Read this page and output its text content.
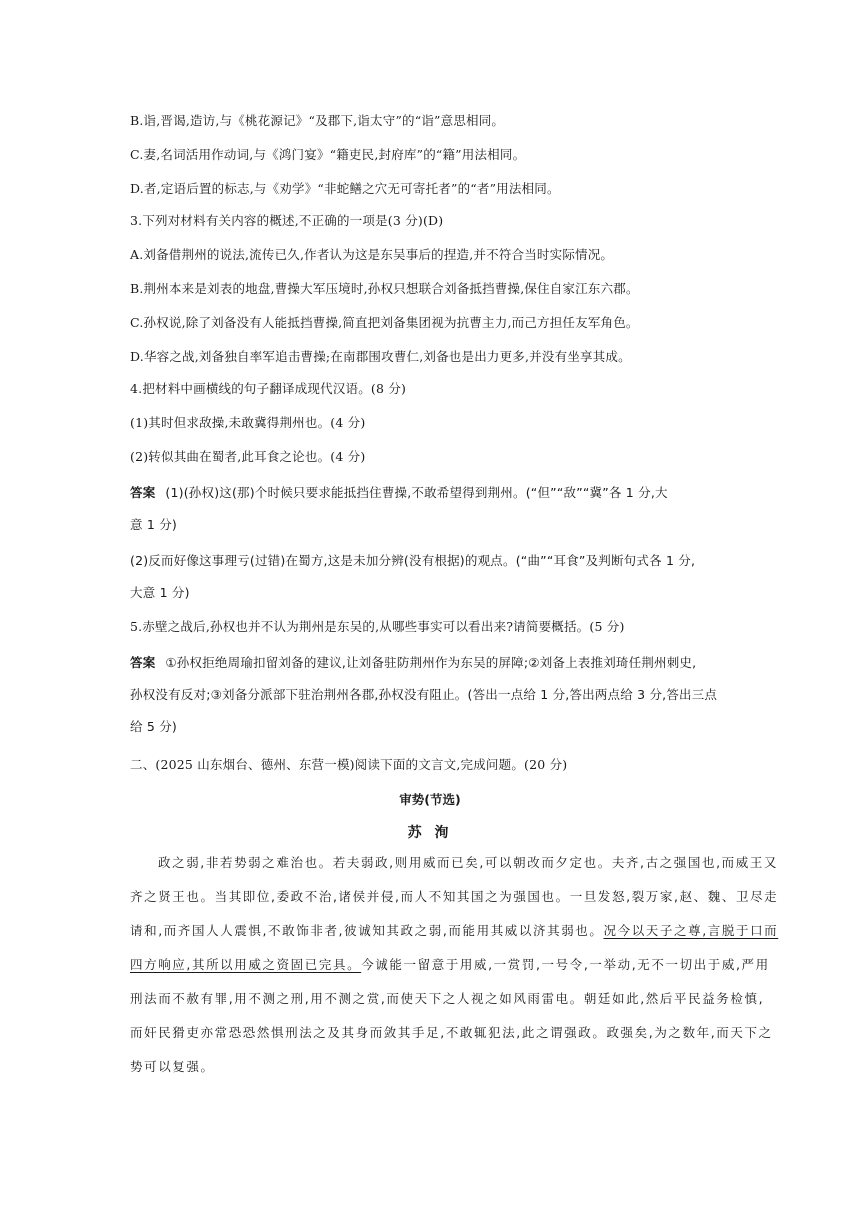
B.诣,晋谒,造访,与《桃花源记》“及郡下,诣太守”的“诣”意思相同。
C.妻,名词活用作动词,与《鸿门宴》“籍吏民,封府库”的“籍”用法相同。
D.者,定语后置的标志,与《劝学》“非蛇鳝之穴无可寄托者”的“者”用法相同。
3.下列对材料有关内容的概述,不正确的一项是(3 分)(D)
A.刘备借荆州的说法,流传已久,作者认为这是东吴事后的捏造,并不符合当时实际情况。
B.荆州本来是刘表的地盘,曹操大军压境时,孙权只想联合刘备抵挡曹操,保住自家江东六郡。
C.孙权说,除了刘备没有人能抵挡曹操,简直把刘备集团视为抗曹主力,而己方担任友军角色。
D.华容之战,刘备独自率军追击曹操;在南郡围攻曹仁,刘备也是出力更多,并没有坐享其成。
4.把材料中画横线的句子翻译成现代汉语。(8 分)
(1)其时但求敌操,未敢冀得荆州也。(4 分)
(2)转似其曲在蜀者,此耳食之论也。(4 分)
答案 (1)(孙权)这(那)个时候只要求能抵挡住曹操,不敢希望得到荆州。(“但”“敌”“冀”各 1 分,大
意 1 分)
(2)反而好像这事理亏(过错)在蜀方,这是未加分辨(没有根据)的观点。(“曲”“耳食”及判断句式各 1 分,
大意 1 分)
5.赤壁之战后,孙权也并不认为荆州是东吴的,从哪些事实可以看出来?请简要概括。(5 分)
答案 ①孙权拒绝周瑜扣留刘备的建议,让刘备驻防荆州作为东吴的屏障;②刘备上表推刘琦任荆州刺史,
孙权没有反对;③刘备分派部下驻治荆州各郡,孙权没有阻止。(答出一点给 1 分,答出两点给 3 分,答出三点
给 5 分)
二、(2025 山东烟台、德州、东营一模)阅读下面的文言文,完成问题。(20 分)
审势(节选)
苏 洵
政之弱,非若势弱之难治也。若夫弱政,则用威而已矣,可以朝改而夕定也。夫齐,古之强国也,而威王又
齐之贤王也。当其即位,委政不治,诸侯并侵,而人不知其国之为强国也。一旦发怒,裂万家,赵、魏、卫尽走
请和,而齐国人人震惧,不敢饰非者,彼诚知其政之弱,而能用其威以济其弱也。况今以天子之尊,言脱于口而
四方响应,其所以用威之资固已完具。今诚能一留意于用威,一赏罚,一号令,一举动,无不一切出于威,严用
刑法而不赦有罪,用不测之刑,用不测之赏,而使天下之人视之如风雨雷电。朝廷如此,然后平民益务检慎,
而奸民猾吏亦常恐恐然惧刑法之及其身而敛其手足,不敢辄犯法,此之谓强政。政强矣,为之数年,而天下之
势可以复强。
